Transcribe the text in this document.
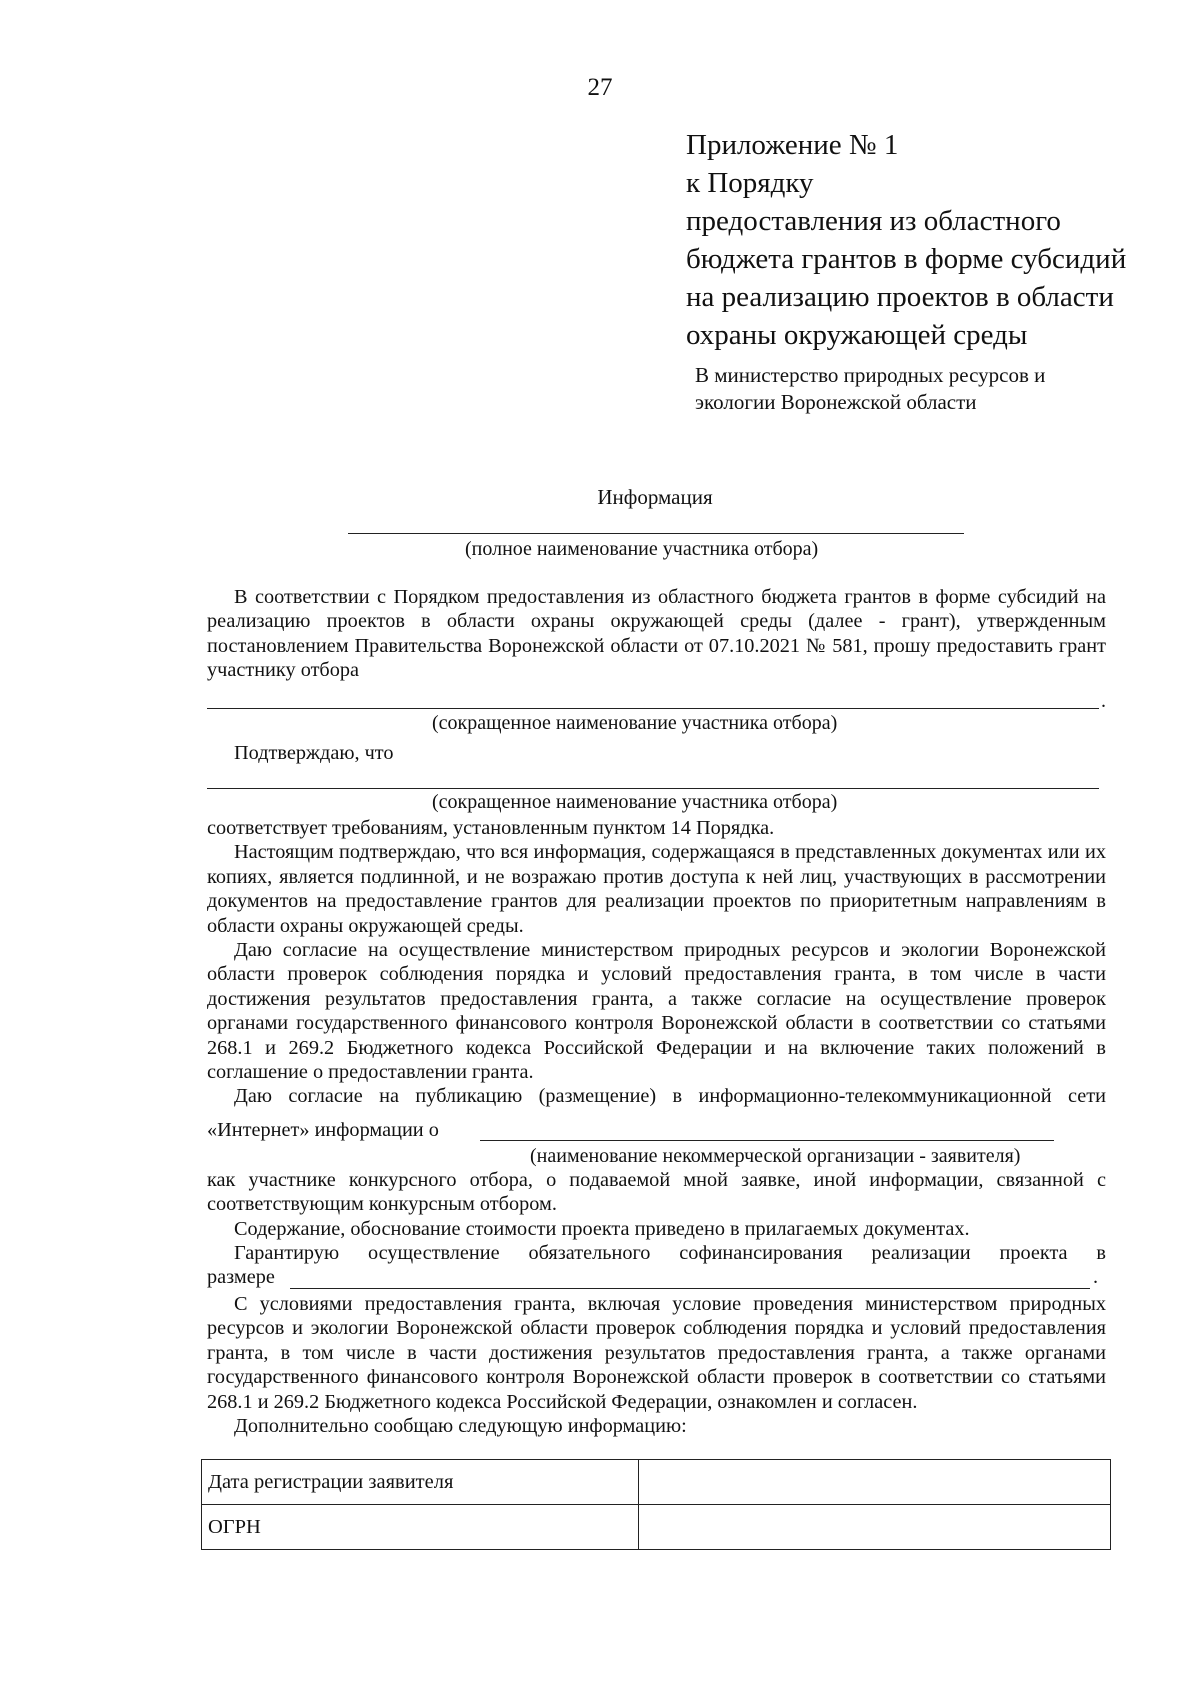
27
Приложение № 1
к Порядку
предоставления из областного
бюджета грантов в форме субсидий
на реализацию проектов в области
охраны окружающей среды
В министерство природных ресурсов и
экологии Воронежской области
Информация
(полное наименование участника отбора)

В соответствии с Порядком предоставления из областного бюджета грантов в форме субсидий на реализацию проектов в области охраны окружающей среды (далее - грант), утвержденным постановлением Правительства Воронежской области от 07.10.2021 № 581, прошу предоставить грант участнику отбора

.
(сокращенное наименование участника отбора)

Подтверждаю, что

(сокращенное наименование участника отбора)

соответствует требованиям, установленным пунктом 14 Порядка.

Настоящим подтверждаю, что вся информация, содержащаяся в представленных документах или их копиях, является подлинной, и не возражаю против доступа к ней лиц, участвующих в рассмотрении документов на предоставление грантов для реализации проектов по приоритетным направлениям в области охраны окружающей среды.

Даю согласие на осуществление министерством природных ресурсов и экологии Воронежской области проверок соблюдения порядка и условий предоставления гранта, в том числе в части достижения результатов предоставления гранта, а также согласие на осуществление проверок органами государственного финансового контроля Воронежской области в соответствии со статьями 268.1 и 269.2 Бюджетного кодекса Российской Федерации и на включение таких положений в соглашение о предоставлении гранта.

Даю согласие на публикацию (размещение) в информационно-телекоммуникационной сети

«Интернет» информации о
(наименование некоммерческой организации - заявителя)

как участнике конкурсного отбора, о подаваемой мной заявке, иной информации, связанной с соответствующим конкурсным отбором.

Содержание, обоснование стоимости проекта приведено в прилагаемых документах.

Гарантирую осуществление обязательного софинансирования реализации проекта в

размере	.

С условиями предоставления гранта, включая условие проведения министерством природных ресурсов и экологии Воронежской области проверок соблюдения порядка и условий предоставления гранта, в том числе в части достижения результатов предоставления гранта, а также органами государственного финансового контроля Воронежской области проверок в соответствии со статьями 268.1 и 269.2 Бюджетного кодекса Российской Федерации, ознакомлен и согласен.

Дополнительно сообщаю следующую информацию:

Дата регистрации заявителя	
ОГРН	
